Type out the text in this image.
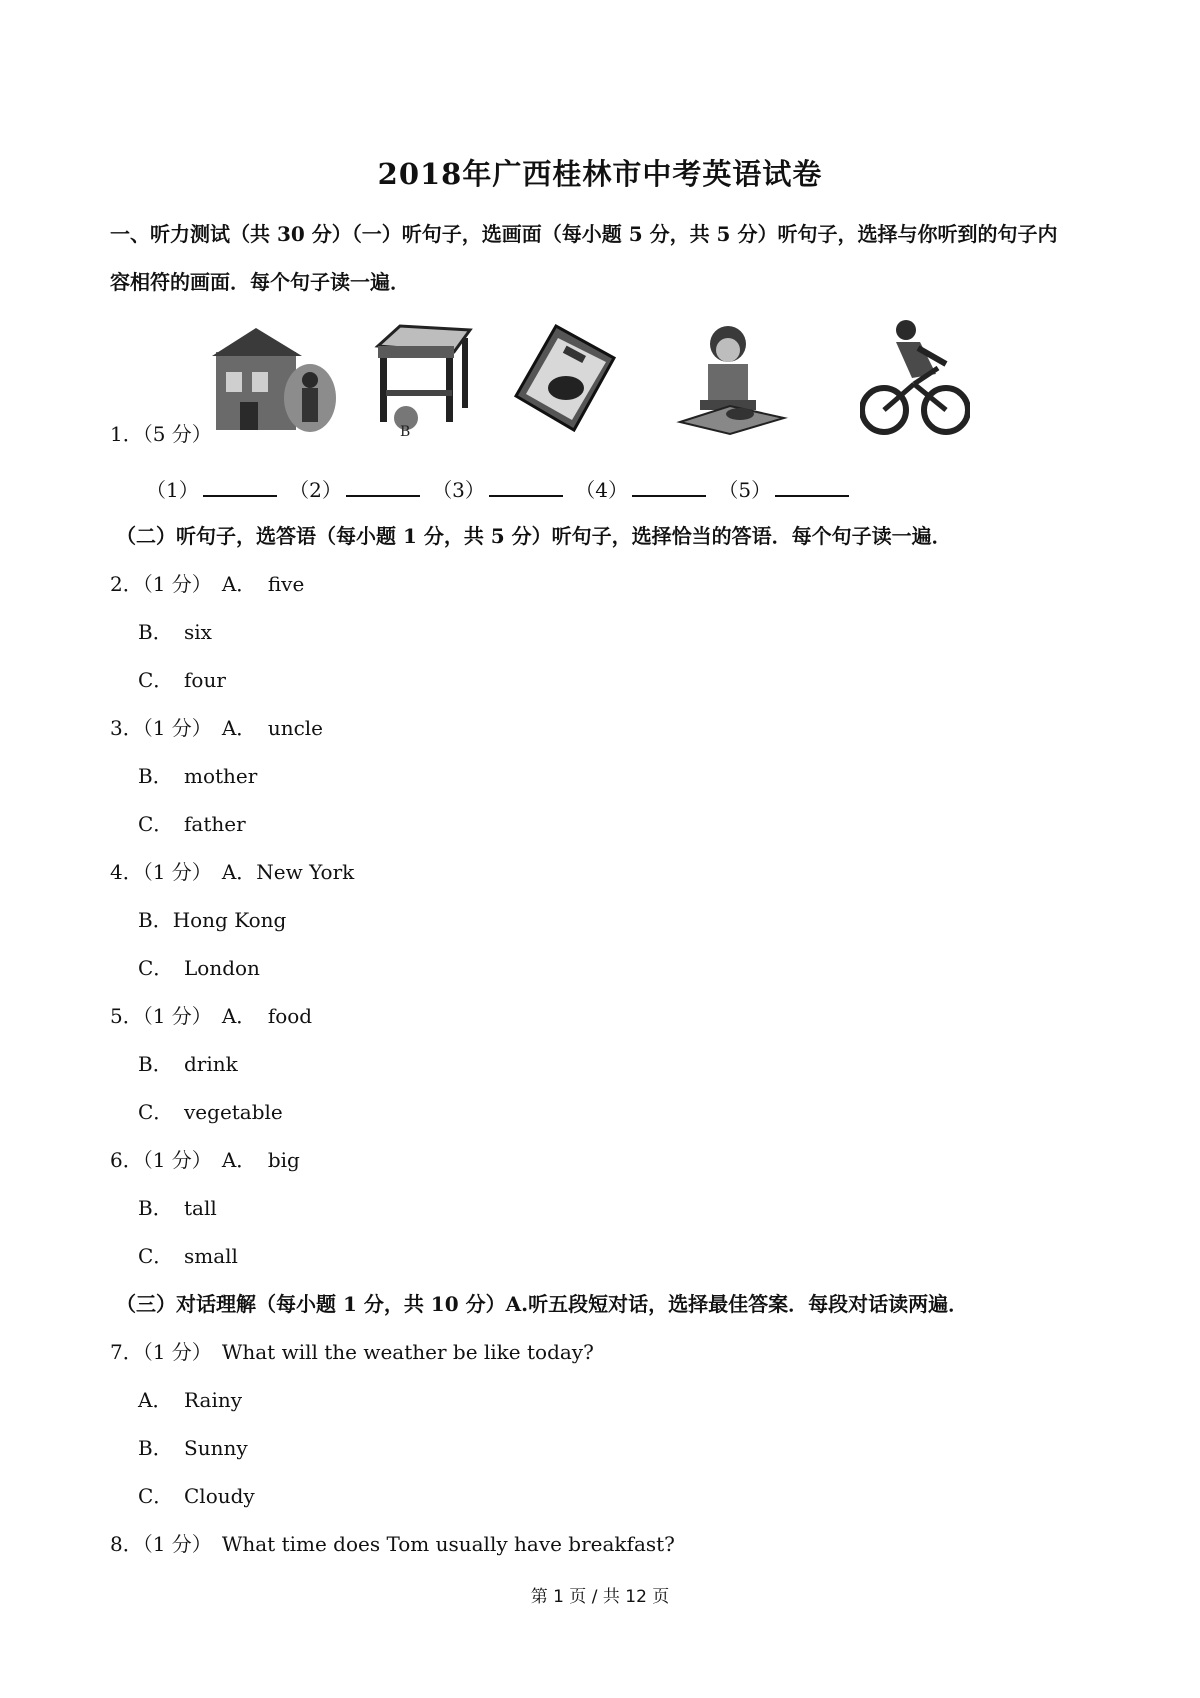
2018年广西桂林市中考英语试卷
一、听力测试（共 30 分）（一）听句子，选画面（每小题 5 分，共 5 分）听句子，选择与你听到的句子内
容相符的画面．每个句子读一遍．
B
1．（5 分）
（1）	（2）	（3）	（4）	（5）
（二）听句子，选答语（每小题 1 分，共 5 分）听句子，选择恰当的答语．每个句子读一遍．
2．（1 分） A． five
B． six
C． four
3．（1 分） A． uncle
B． mother
C． father
4．（1 分） A．New York
B．Hong Kong
C． London
5．（1 分） A． food
B． drink
C． vegetable
6．（1 分） A． big
B． tall
C． small
（三）对话理解（每小题 1 分，共 10 分）A.听五段短对话，选择最佳答案．每段对话读两遍．
7．（1 分） What will the weather be like today?
A． Rainy
B． Sunny
C． Cloudy
8．（1 分） What time does Tom usually have breakfast?
第 1 页 / 共 12 页
